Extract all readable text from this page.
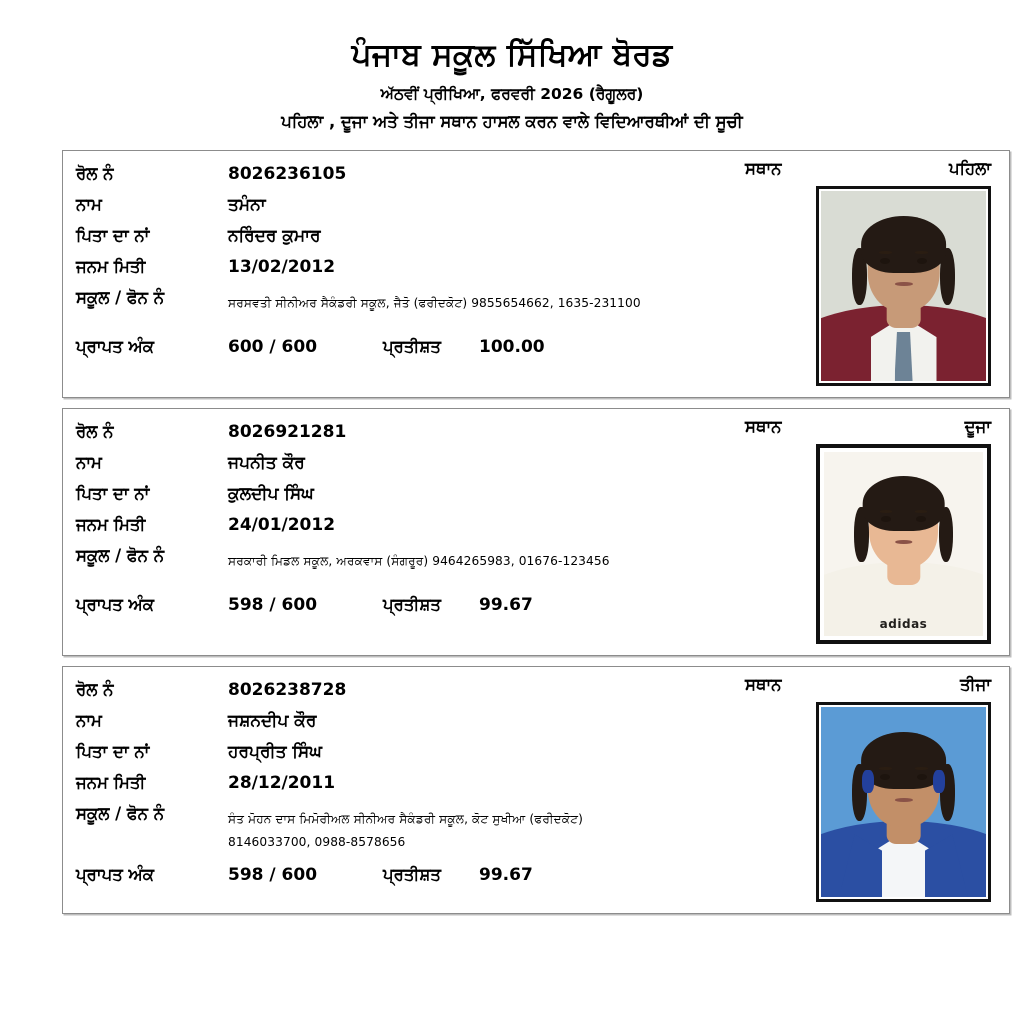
ਪੰਜਾਬ ਸਕੂਲ ਸਿੱਖਿਆ ਬੋਰਡ
ਅੱਠਵੀਂ ਪ੍ਰੀਖਿਆ, ਫਰਵਰੀ 2026 (ਰੈਗੂਲਰ)
ਪਹਿਲਾ , ਦੂਜਾ ਅਤੇ ਤੀਜਾ ਸਥਾਨ ਹਾਸਲ ਕਰਨ ਵਾਲੇ ਵਿਦਿਆਰਥੀਆਂ ਦੀ ਸੂਚੀ
ਰੋਲ ਨੰ	8026236105
ਨਾਮ	ਤਮੰਨਾ
ਪਿਤਾ ਦਾ ਨਾਂ	ਨਰਿੰਦਰ ਕੁਮਾਰ
ਜਨਮ ਮਿਤੀ	13/02/2012
ਸਕੂਲ / ਫੋਨ ਨੰ	ਸਰਸਵਤੀ ਸੀਨੀਅਰ ਸੈਕੰਡਰੀ ਸਕੂਲ, ਜੈਤੋ (ਫਰੀਦਕੋਟ) 9855654662, 1635-231100
ਪ੍ਰਾਪਤ ਅੰਕ	600 / 600	ਪ੍ਰਤੀਸ਼ਤ	100.00
ਸਥਾਨ	ਪਹਿਲਾ
ਰੋਲ ਨੰ	8026921281
ਨਾਮ	ਜਪਨੀਤ ਕੌਰ
ਪਿਤਾ ਦਾ ਨਾਂ	ਕੁਲਦੀਪ ਸਿੰਘ
ਜਨਮ ਮਿਤੀ	24/01/2012
ਸਕੂਲ / ਫੋਨ ਨੰ	ਸਰਕਾਰੀ ਮਿਡਲ ਸਕੂਲ, ਅਰਕਵਾਸ (ਸੰਗਰੂਰ) 9464265983, 01676-123456
ਪ੍ਰਾਪਤ ਅੰਕ	598 / 600	ਪ੍ਰਤੀਸ਼ਤ	99.67
ਸਥਾਨ	ਦੂਜਾ
adidas
ਰੋਲ ਨੰ	8026238728
ਨਾਮ	ਜਸ਼ਨਦੀਪ ਕੌਰ
ਪਿਤਾ ਦਾ ਨਾਂ	ਹਰਪ੍ਰੀਤ ਸਿੰਘ
ਜਨਮ ਮਿਤੀ	28/12/2011
ਸਕੂਲ / ਫੋਨ ਨੰ	ਸੰਤ ਮੋਹਨ ਦਾਸ ਮਿਮੋਰੀਅਲ ਸੀਨੀਅਰ ਸੈਕੰਡਰੀ ਸਕੂਲ, ਕੋਟ ਸੁਖੀਆ (ਫਰੀਦਕੋਟ)
8146033700, 0988-8578656
ਪ੍ਰਾਪਤ ਅੰਕ	598 / 600	ਪ੍ਰਤੀਸ਼ਤ	99.67
ਸਥਾਨ	ਤੀਜਾ
